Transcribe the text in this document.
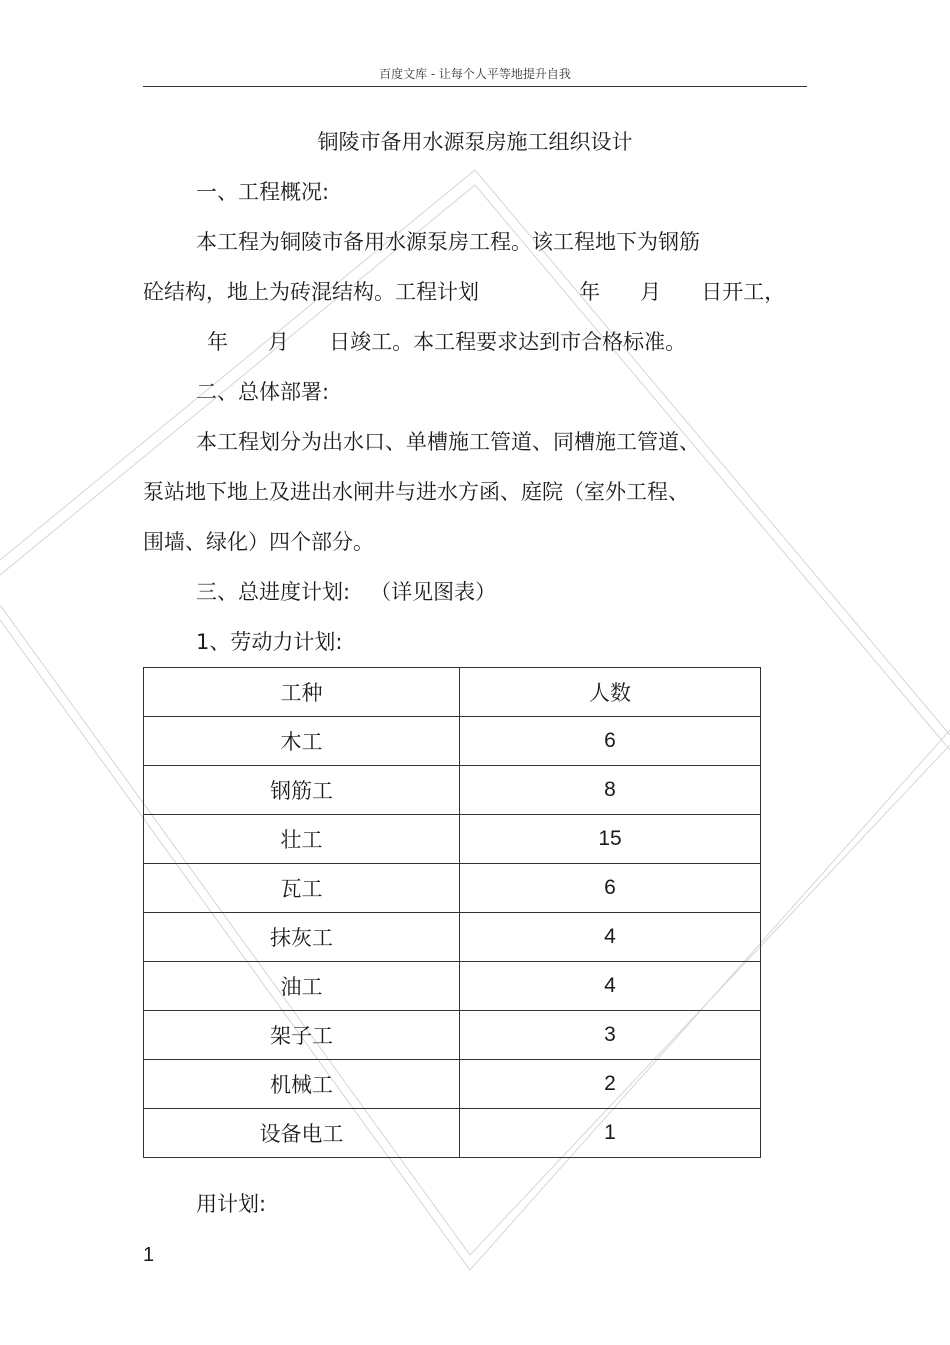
百度文库 - 让每个人平等地提升自我
铜陵市备用水源泵房施工组织设计
一、工程概况:
本工程为铜陵市备用水源泵房工程。该工程地下为钢筋
砼结构，地上为砖混结构。工程计划               年      月      日开工，
年      月      日竣工。本工程要求达到市合格标准。
二、总体部署:
本工程划分为出水口、单槽施工管道、同槽施工管道、
泵站地下地上及进出水闸井与进水方函、庭院（室外工程、
围墙、绿化）四个部分。
三、总进度计划:   （详见图表）
1、劳动力计划:
工种	人数
木工	6
钢筋工	8
壮工	15
瓦工	6
抹灰工	4
油工	4
架子工	3
机械工	2
设备电工	1
用计划:
1
